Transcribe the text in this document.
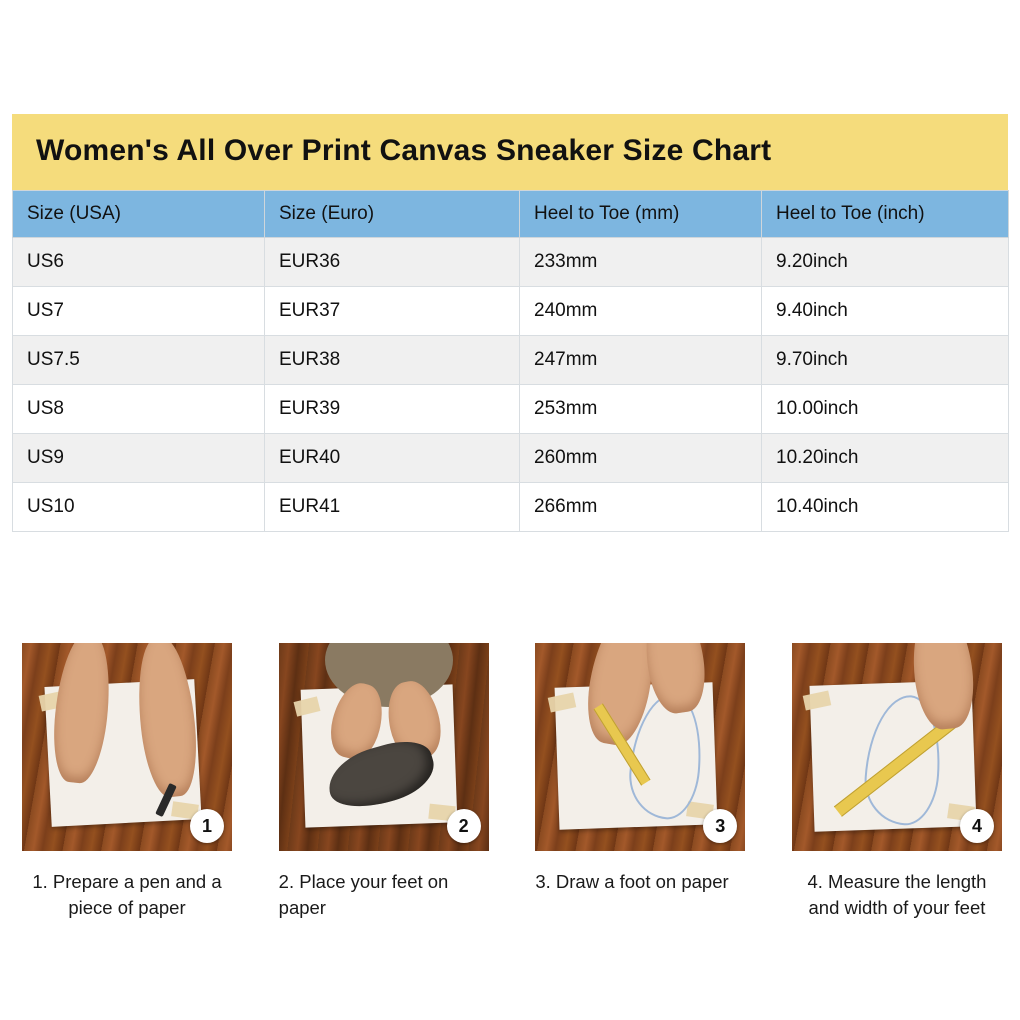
Women's All Over Print Canvas Sneaker Size Chart
Size (USA)	Size (Euro)	Heel to Toe (mm)	Heel to Toe (inch)
US6	EUR36	233mm	9.20inch
US7	EUR37	240mm	9.40inch
US7.5	EUR38	247mm	9.70inch
US8	EUR39	253mm	10.00inch
US9	EUR40	260mm	10.20inch
US10	EUR41	266mm	10.40inch
1
1. Prepare a pen and a piece of paper
2
2. Place your feet on paper
3
3. Draw a foot on paper
4
4. Measure the length and width of your feet
